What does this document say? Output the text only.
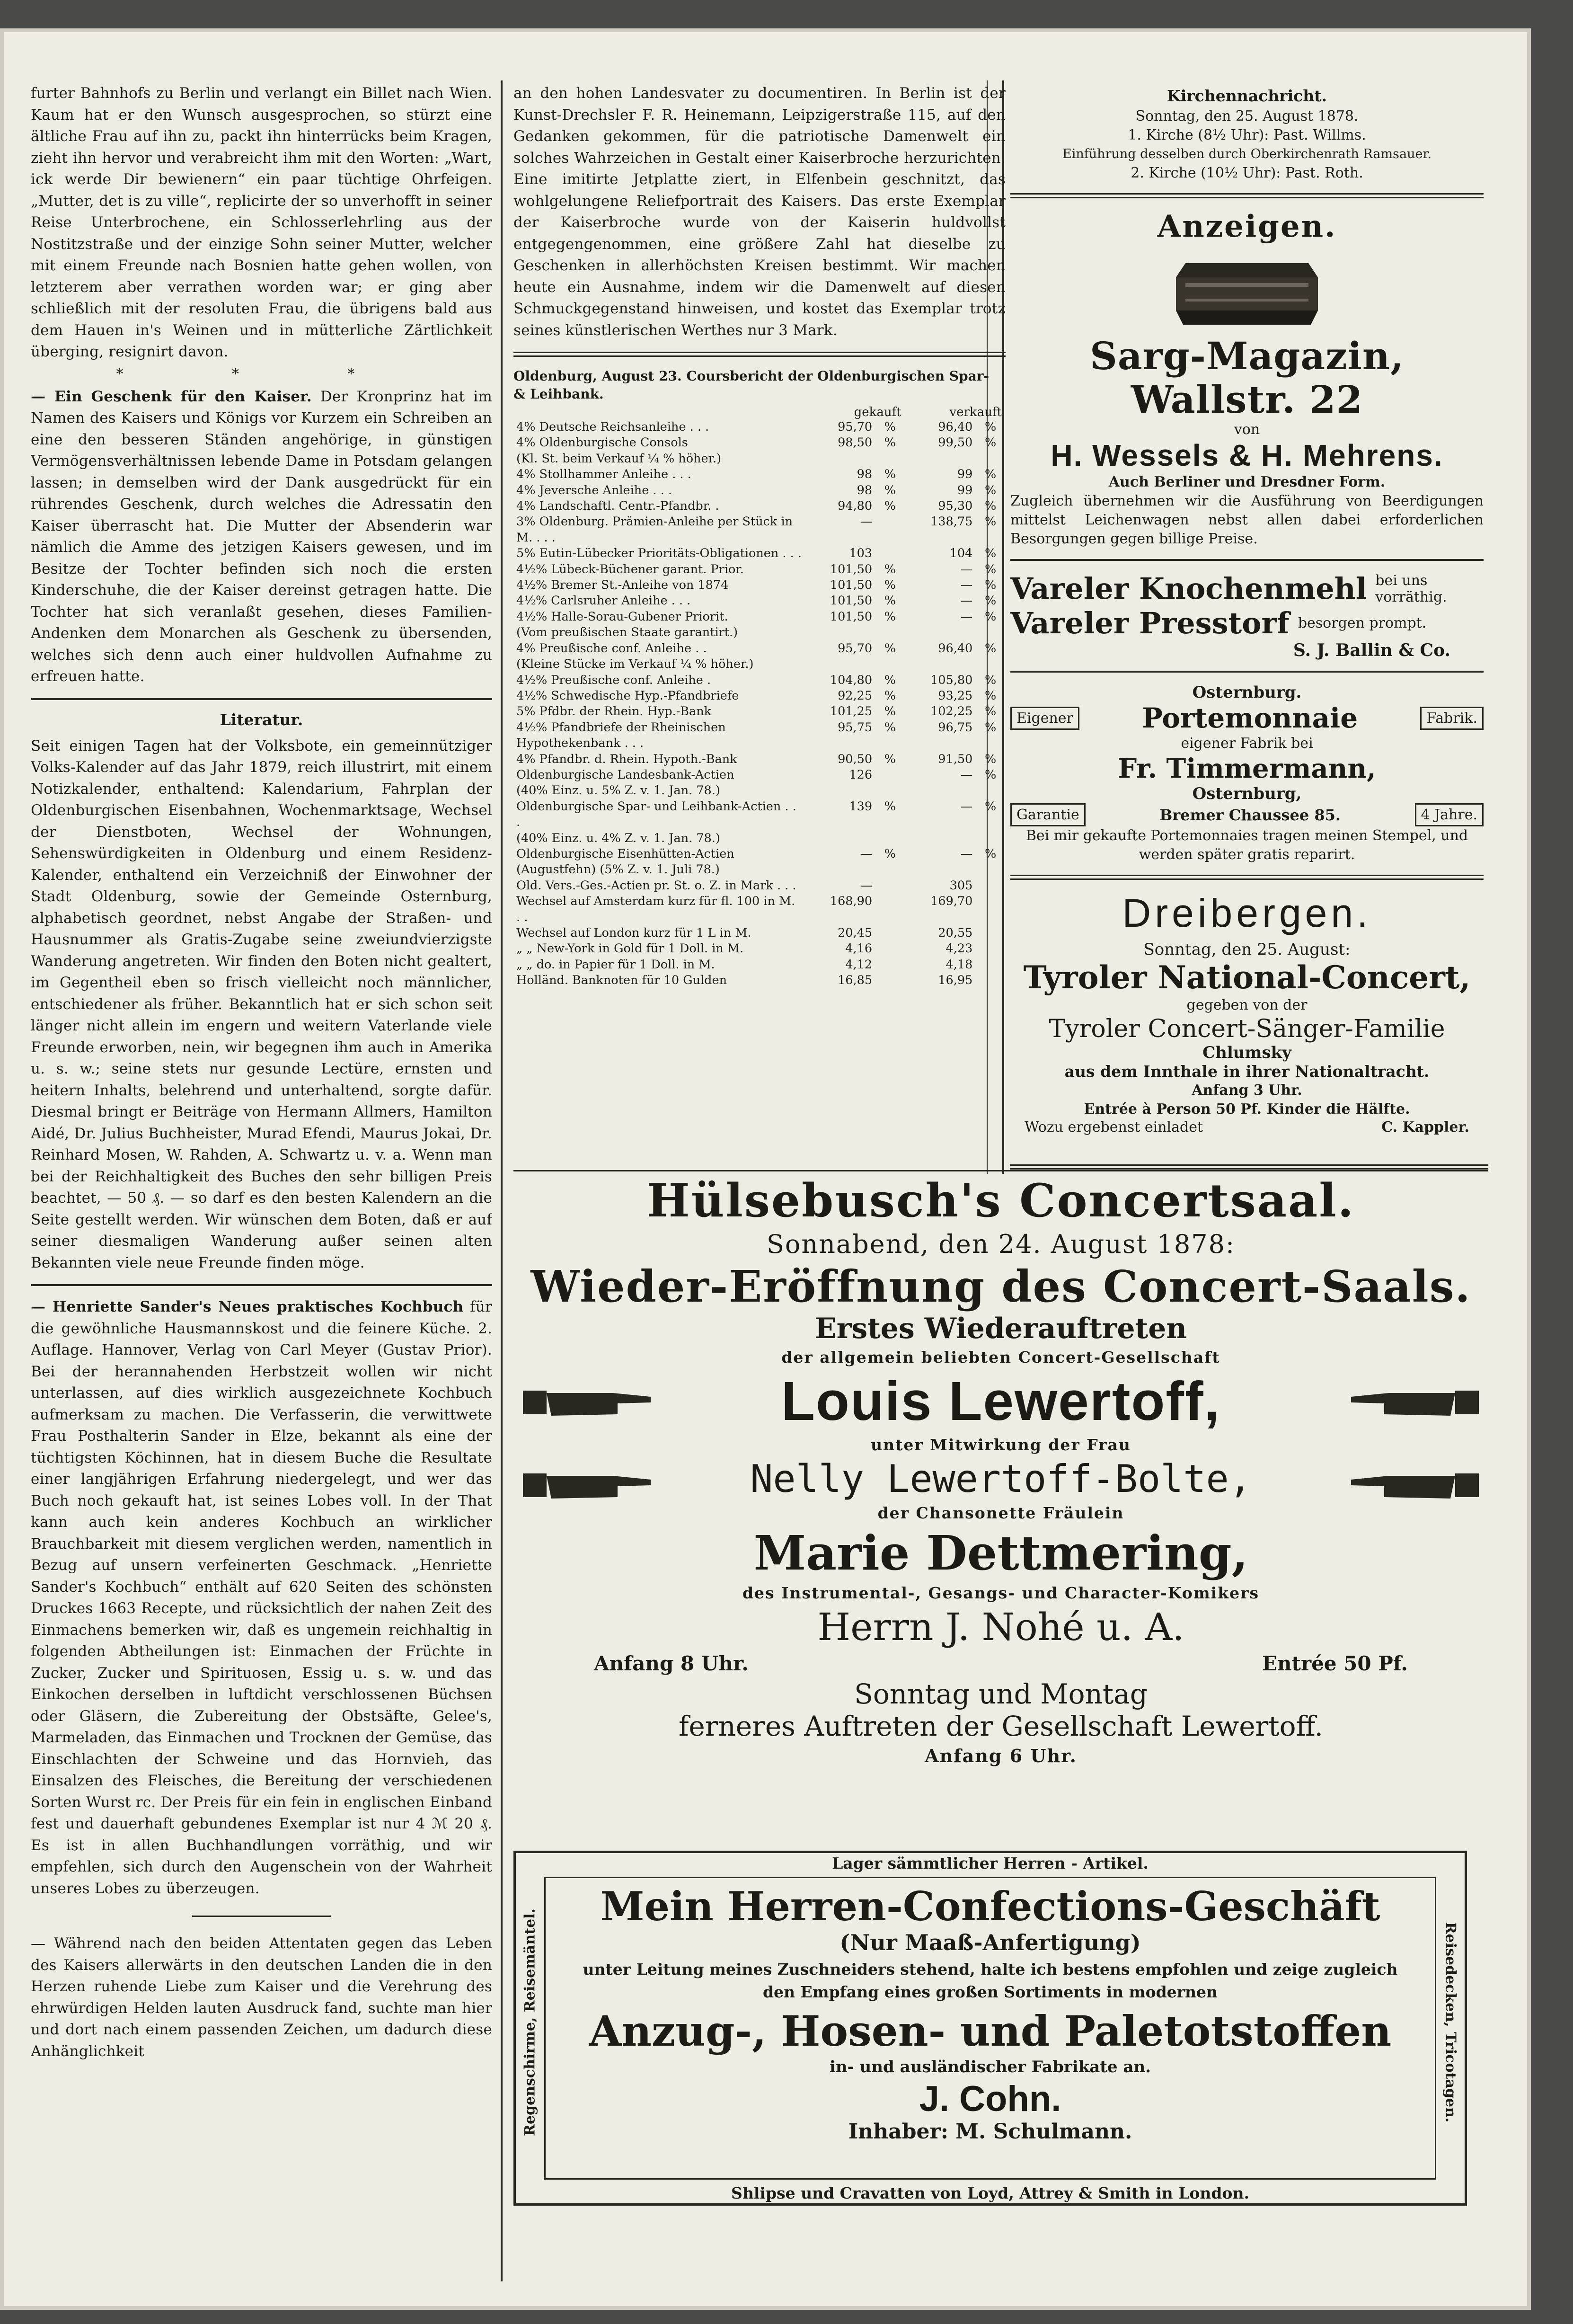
furter Bahnhofs zu Berlin und verlangt ein Billet nach Wien. Kaum hat er den Wunsch ausgesprochen, so stürzt eine ältliche Frau auf ihn zu, packt ihn hinterrücks beim Kragen, zieht ihn hervor und verabreicht ihm mit den Worten: „Wart, ick werde Dir bewienern“ ein paar tüchtige Ohrfeigen. „Mutter, det is zu ville“, replicirte der so unverhofft in seiner Reise Unterbrochene, ein Schlosserlehrling aus der Nostitzstraße und der einzige Sohn seiner Mutter, welcher mit einem Freunde nach Bosnien hatte gehen wollen, von letzterem aber verrathen worden war; er ging aber schließlich mit der resoluten Frau, die übrigens bald aus dem Hauen in's Weinen und in mütterliche Zärtlichkeit überging, resignirt davon.

* * *

— Ein Geschenk für den Kaiser. Der Kronprinz hat im Namen des Kaisers und Königs vor Kurzem ein Schreiben an eine den besseren Ständen angehörige, in günstigen Vermögensverhältnissen lebende Dame in Potsdam gelangen lassen; in demselben wird der Dank ausgedrückt für ein rührendes Geschenk, durch welches die Adressatin den Kaiser überrascht hat. Die Mutter der Absenderin war nämlich die Amme des jetzigen Kaisers gewesen, und im Besitze der Tochter befinden sich noch die ersten Kinderschuhe, die der Kaiser dereinst getragen hatte. Die Tochter hat sich veranlaßt gesehen, dieses Familien-Andenken dem Monarchen als Geschenk zu übersenden, welches sich denn auch einer huldvollen Aufnahme zu erfreuen hatte.

Literatur.

Seit einigen Tagen hat der Volksbote, ein gemeinnütziger Volks-Kalender auf das Jahr 1879, reich illustrirt, mit einem Notizkalender, enthaltend: Kalendarium, Fahrplan der Oldenburgischen Eisenbahnen, Wochenmarktsage, Wechsel der Dienstboten, Wechsel der Wohnungen, Sehenswürdigkeiten in Oldenburg und einem Residenz-Kalender, enthaltend ein Verzeichniß der Einwohner der Stadt Oldenburg, sowie der Gemeinde Osternburg, alphabetisch geordnet, nebst Angabe der Straßen- und Hausnummer als Gratis-Zugabe seine zweiundvierzigste Wanderung angetreten. Wir finden den Boten nicht gealtert, im Gegentheil eben so frisch vielleicht noch männlicher, entschiedener als früher. Bekanntlich hat er sich schon seit länger nicht allein im engern und weitern Vaterlande viele Freunde erworben, nein, wir begegnen ihm auch in Amerika u. s. w.; seine stets nur gesunde Lectüre, ernsten und heitern Inhalts, belehrend und unterhaltend, sorgte dafür. Diesmal bringt er Beiträge von Hermann Allmers, Hamilton Aidé, Dr. Julius Buchheister, Murad Efendi, Maurus Jokai, Dr. Reinhard Mosen, W. Rahden, A. Schwartz u. v. a. Wenn man bei der Reichhaltigkeit des Buches den sehr billigen Preis beachtet, — 50 ₰. — so darf es den besten Kalendern an die Seite gestellt werden. Wir wünschen dem Boten, daß er auf seiner diesmaligen Wanderung außer seinen alten Bekannten viele neue Freunde finden möge.

— Henriette Sander's Neues praktisches Kochbuch für die gewöhnliche Hausmannskost und die feinere Küche. 2. Auflage. Hannover, Verlag von Carl Meyer (Gustav Prior). Bei der herannahenden Herbstzeit wollen wir nicht unterlassen, auf dies wirklich ausgezeichnete Kochbuch aufmerksam zu machen. Die Verfasserin, die verwittwete Frau Posthalterin Sander in Elze, bekannt als eine der tüchtigsten Köchinnen, hat in diesem Buche die Resultate einer langjährigen Erfahrung niedergelegt, und wer das Buch noch gekauft hat, ist seines Lobes voll. In der That kann auch kein anderes Kochbuch an wirklicher Brauchbarkeit mit diesem verglichen werden, namentlich in Bezug auf unsern verfeinerten Geschmack. „Henriette Sander's Kochbuch“ enthält auf 620 Seiten des schönsten Druckes 1663 Recepte, und rücksichtlich der nahen Zeit des Einmachens bemerken wir, daß es ungemein reichhaltig in folgenden Abtheilungen ist: Einmachen der Früchte in Zucker, Zucker und Spirituosen, Essig u. s. w. und das Einkochen derselben in luftdicht verschlossenen Büchsen oder Gläsern, die Zubereitung der Obstsäfte, Gelee's, Marmeladen, das Einmachen und Trocknen der Gemüse, das Einschlachten der Schweine und das Hornvieh, das Einsalzen des Fleisches, die Bereitung der verschiedenen Sorten Wurst rc. Der Preis für ein fein in englischen Einband fest und dauerhaft gebundenes Exemplar ist nur 4 ℳ 20 ₰. Es ist in allen Buchhandlungen vorräthig, und wir empfehlen, sich durch den Augenschein von der Wahrheit unseres Lobes zu überzeugen.

— Während nach den beiden Attentaten gegen das Leben des Kaisers allerwärts in den deutschen Landen die in den Herzen ruhende Liebe zum Kaiser und die Verehrung des ehrwürdigen Helden lauten Ausdruck fand, suchte man hier und dort nach einem passenden Zeichen, um dadurch diese Anhänglichkeit

an den hohen Landesvater zu documentiren. In Berlin ist der Kunst-Drechsler F. R. Heinemann, Leipzigerstraße 115, auf den Gedanken gekommen, für die patriotische Damenwelt ein solches Wahrzeichen in Gestalt einer Kaiserbroche herzurichten. Eine imitirte Jetplatte ziert, in Elfenbein geschnitzt, das wohlgelungene Reliefportrait des Kaisers. Das erste Exemplar der Kaiserbroche wurde von der Kaiserin huldvollst entgegengenommen, eine größere Zahl hat dieselbe zu Geschenken in allerhöchsten Kreisen bestimmt. Wir machen heute ein Ausnahme, indem wir die Damenwelt auf diesen Schmuckgegenstand hinweisen, und kostet das Exemplar trotz seines künstlerischen Werthes nur 3 Mark.

Oldenburg, August 23. Coursbericht der Oldenburgischen Spar- & Leihbank.
	gekauft		verkauft	
4% Deutsche Reichsanleihe . . .	95,70	%	96,40	%
4% Oldenburgische Consols	98,50	%	99,50	%
(Kl. St. beim Verkauf ¼ % höher.)				
4% Stollhammer Anleihe . . .	98	%	99	%
4% Jeversche Anleihe . . .	98	%	99	%
4% Landschaftl. Centr.-Pfandbr. .	94,80	%	95,30	%
3% Oldenburg. Prämien-Anleihe per Stück in M. . . .	—		138,75	%
5% Eutin-Lübecker Prioritäts-Obligationen . . .	103		104	%
4½% Lübeck-Büchener garant. Prior.	101,50	%	—	%
4½% Bremer St.-Anleihe von 1874	101,50	%	—	%
4½% Carlsruher Anleihe . . .	101,50	%	—	%
4½% Halle-Sorau-Gubener Priorit.	101,50	%	—	%
(Vom preußischen Staate garantirt.)				
4% Preußische conf. Anleihe . .	95,70	%	96,40	%
(Kleine Stücke im Verkauf ¼ % höher.)				
4½% Preußische conf. Anleihe .	104,80	%	105,80	%
4½% Schwedische Hyp.-Pfandbriefe	92,25	%	93,25	%
5% Pfdbr. der Rhein. Hyp.-Bank	101,25	%	102,25	%
4½% Pfandbriefe der Rheinischen Hypothekenbank . . .	95,75	%	96,75	%
4% Pfandbr. d. Rhein. Hypoth.-Bank	90,50	%	91,50	%
Oldenburgische Landesbank-Actien	126		—	%
(40% Einz. u. 5% Z. v. 1. Jan. 78.)				
Oldenburgische Spar- und Leihbank-Actien . . .	139	%	—	%
(40% Einz. u. 4% Z. v. 1. Jan. 78.)				
Oldenburgische Eisenhütten-Actien (Augustfehn) (5% Z. v. 1. Juli 78.)	—	%	—	%
Old. Vers.-Ges.-Actien pr. St. o. Z. in Mark . . .	—		305	
Wechsel auf Amsterdam kurz für fl. 100 in M. . .	168,90		169,70	
Wechsel auf London kurz für 1 L in M.	20,45		20,55	
„ „ New-York in Gold für 1 Doll. in M.	4,16		4,23	
„ „ do. in Papier für 1 Doll. in M.	4,12		4,18	
Holländ. Banknoten für 10 Gulden	16,85		16,95	
Kirchennachricht.

Sonntag, den 25. August 1878.

1. Kirche (8½ Uhr): Past. Willms.

Einführung desselben durch Oberkirchenrath Ramsauer.

2. Kirche (10½ Uhr): Past. Roth.

Anzeigen.
Sarg-Magazin, Wallstr. 22

von

H. Wessels & H. Mehrens.

Auch Berliner und Dresdner Form.

Zugleich übernehmen wir die Ausführung von Beerdigungen mittelst Leichenwagen nebst allen dabei erforderlichen Besorgungen gegen billige Preise.

Vareler Knochenmehl bei uns vorräthig.
Vareler Presstorf besorgen prompt.
S. J. Ballin & Co.
Osternburg.
Eigener	Portemonnaie	Fabrik.

eigener Fabrik bei

Fr. Timmermann,
Osternburg,
Garantie	Bremer Chaussee 85.	4 Jahre.

Bei mir gekaufte Portemonnaies tragen meinen Stempel, und werden später gratis reparirt.

Dreibergen.

Sonntag, den 25. August:

Tyroler National-Concert,

gegeben von der

Tyroler Concert-Sänger-Familie

Chlumsky

aus dem Innthale in ihrer Nationaltracht.

Anfang 3 Uhr.

Entrée à Person 50 Pf. Kinder die Hälfte.

Wozu ergebenst einladet	C. Kappler.

Hülsebusch's Concertsaal.

Sonnabend, den 24. August 1878:

Wieder-Eröffnung des Concert-Saals.

Erstes Wiederauftreten

der allgemein beliebten Concert-Gesellschaft

Louis Lewertoff,

unter Mitwirkung der Frau

Nelly Lewertoff-Bolte,

der Chansonette Fräulein

Marie Dettmering,

des Instrumental-, Gesangs- und Character-Komikers

Herrn J. Nohé u. A.

Anfang 8 Uhr.	Entrée 50 Pf.

Sonntag und Montag

ferneres Auftreten der Gesellschaft Lewertoff.

Anfang 6 Uhr.

Lager sämmtlicher Herren - Artikel.
Regenschirme, Reisemäntel.	Reisedecken, Tricotagen.

Mein Herren-Confections-Geschäft

(Nur Maaß-Anfertigung)

unter Leitung meines Zuschneiders stehend, halte ich bestens empfohlen und zeige zugleich den Empfang eines großen Sortiments in modernen

Anzug-, Hosen- und Paletotstoffen

in- und ausländischer Fabrikate an.

J. Cohn.

Inhaber: M. Schulmann.

Shlipse und Cravatten von Loyd, Attrey & Smith in London.
